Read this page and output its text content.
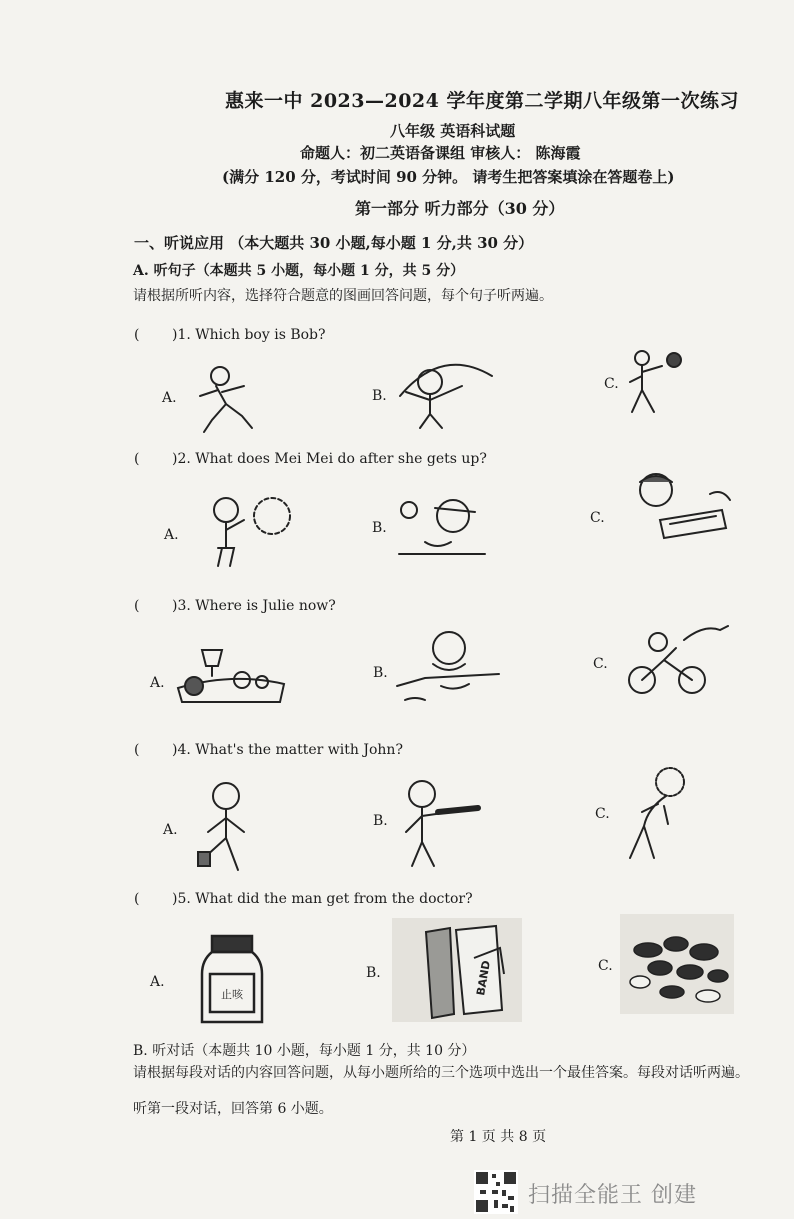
惠来一中 2023—2024 学年度第二学期八年级第一次练习
八年级 英语科试题
命题人：初二英语备课组 审核人： 陈海霞
(满分 120 分，考试时间 90 分钟。 请考生把答案填涂在答题卷上)
第一部分 听力部分（30 分）
一、听说应用 （本大题共 30 小题,每小题 1 分,共 30 分）
A. 听句子（本题共 5 小题，每小题 1 分，共 5 分）
请根据所听内容，选择符合题意的图画回答问题，每个句子听两遍。
( )1. Which boy is Bob?
A.	B.
C.
( )2. What does Mei Mei do after she gets up?
A.	B.
C.
( )3. Where is Julie now?
A.
B.
C.
( )4. What's the matter with John?
A.
B.	C.
( )5. What did the man get from the doctor?
A.
B.	C.
止咳	BAND
B. 听对话（本题共 10 小题，每小题 1 分，共 10 分）
请根据每段对话的内容回答问题，从每小题所给的三个选项中选出一个最佳答案。每段对话听两遍。
听第一段对话，回答第 6 小题。
第 1 页 共 8 页
扫描全能王 创建
